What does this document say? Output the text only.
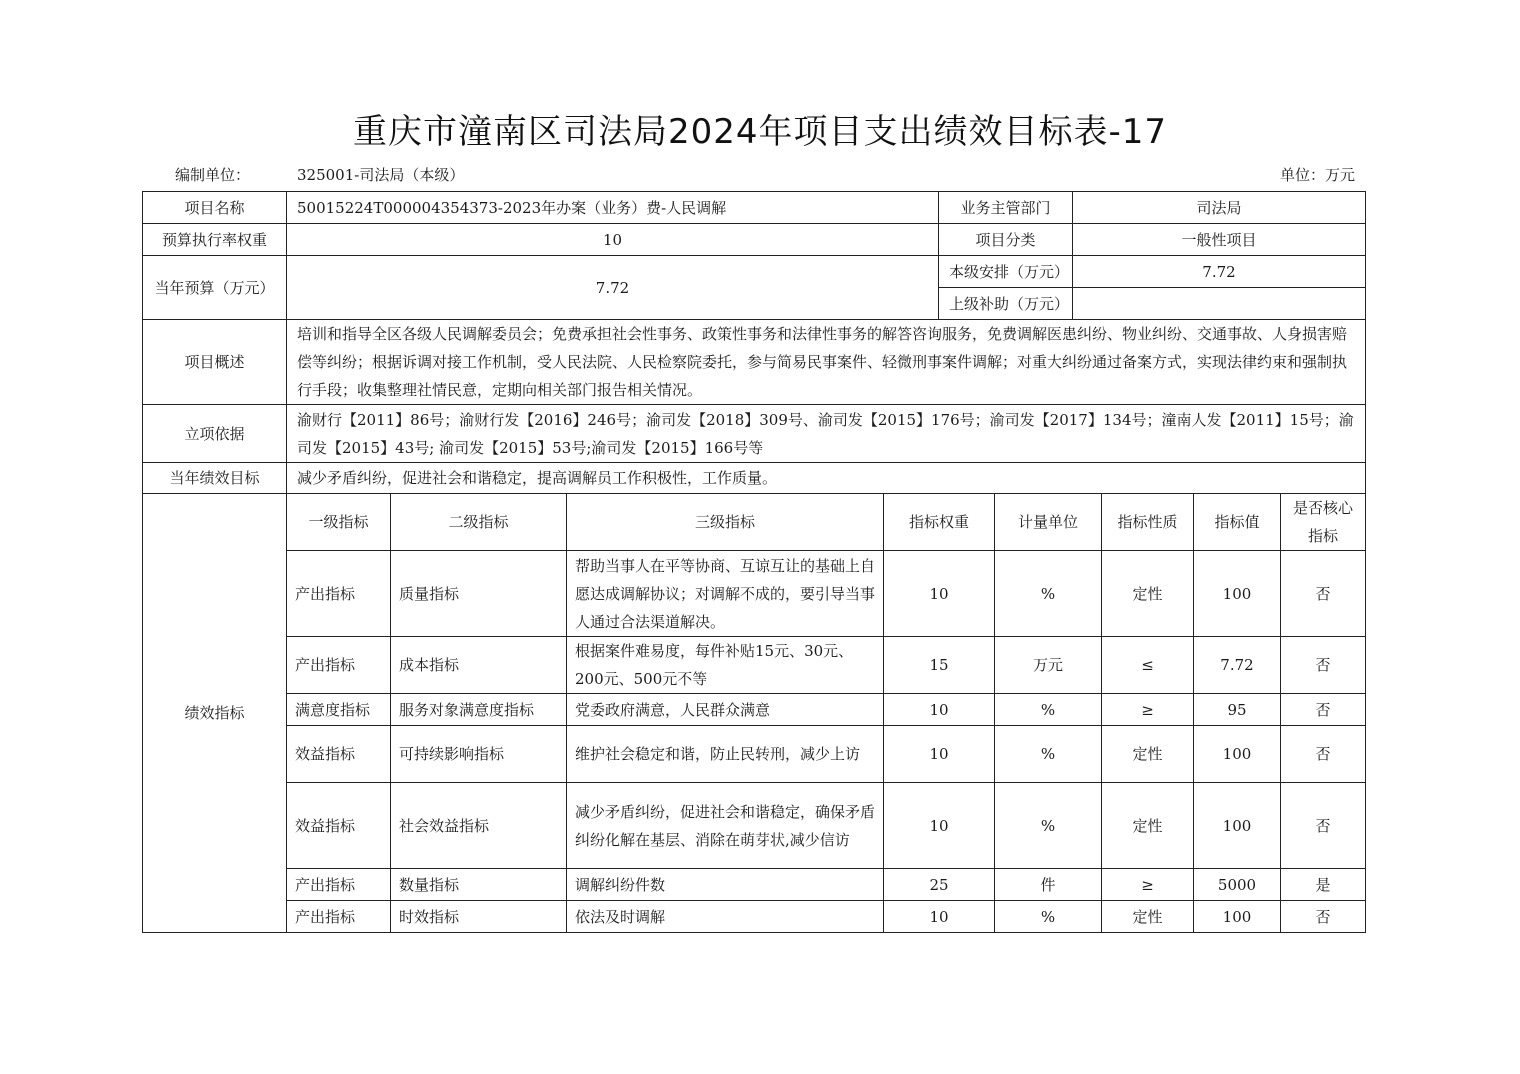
重庆市潼南区司法局2024年项目支出绩效目标表-17
编制单位：	325001-司法局（本级）	单位：万元
项目名称	50015224T000004354373-2023年办案（业务）费-人民调解	业务主管部门	司法局
预算执行率权重	10	项目分类	一般性项目
当年预算（万元）	7.72	本级安排（万元）	7.72
		上级补助（万元）	
项目概述	培训和指导全区各级人民调解委员会；免费承担社会性事务、政策性事务和法律性事务的解答咨询服务，免费调解医患纠纷、物业纠纷、交通事故、人身损害赔偿等纠纷；根据诉调对接工作机制，受人民法院、人民检察院委托，参与简易民事案件、轻微刑事案件调解；对重大纠纷通过备案方式，实现法律约束和强制执行手段；收集整理社情民意，定期向相关部门报告相关情况。		
立项依据	渝财行【2011】86号；渝财行发【2016】246号；渝司发【2018】309号、渝司发【2015】176号；渝司发【2017】134号；潼南人发【2011】15号；渝司发【2015】43号; 渝司发【2015】53号;渝司发【2015】166号等		
当年绩效目标	减少矛盾纠纷，促进社会和谐稳定，提高调解员工作积极性，工作质量。		
绩效指标	一级指标	二级指标	三级指标	指标权重	计量单位	指标性质	指标值	是否核心指标
	产出指标	质量指标	帮助当事人在平等协商、互谅互让的基础上自愿达成调解协议；对调解不成的，要引导当事人通过合法渠道解决。	10	%	定性	100	否
	产出指标	成本指标	根据案件难易度，每件补贴15元、30元、200元、500元不等	15	万元	≤	7.72	否
	满意度指标	服务对象满意度指标	党委政府满意，人民群众满意	10	%	≥	95	否
	效益指标	可持续影响指标	维护社会稳定和谐，防止民转刑，减少上访	10	%	定性	100	否
	效益指标	社会效益指标	减少矛盾纠纷，促进社会和谐稳定，确保矛盾纠纷化解在基层、消除在萌芽状,减少信访	10	%	定性	100	否
	产出指标	数量指标	调解纠纷件数	25	件	≥	5000	是
	产出指标	时效指标	依法及时调解	10	%	定性	100	否
